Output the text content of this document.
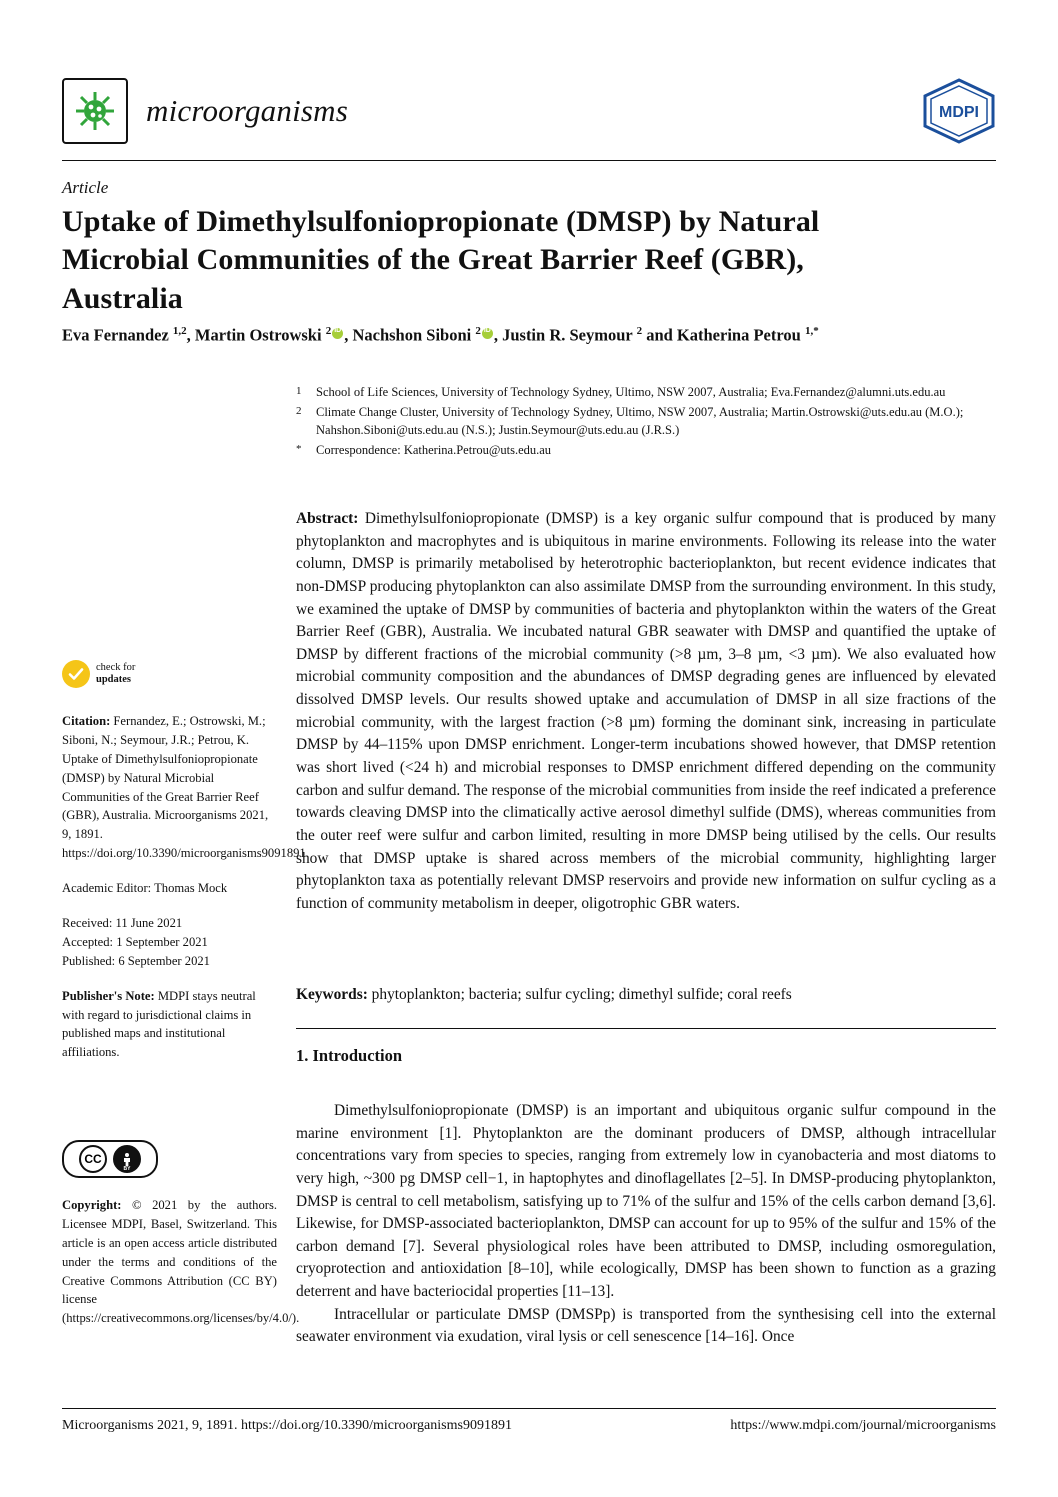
microorganisms	MDPI
Article
Uptake of Dimethylsulfoniopropionate (DMSP) by Natural Microbial Communities of the Great Barrier Reef (GBR), Australia
Eva Fernandez $^{1,2}$, Martin Ostrowski $^2$ iD , Nachshon Siboni $^2$ iD , Justin R. Seymour $^2$ and Katherina Petrou $^{1,*}$
1	School of Life Sciences, University of Technology Sydney, Ultimo, NSW 2007, Australia; Eva.Fernandez@alumni.uts.edu.au
2	Climate Change Cluster, University of Technology Sydney, Ultimo, NSW 2007, Australia; Martin.Ostrowski@uts.edu.au (M.O.); Nahshon.Siboni@uts.edu.au (N.S.); Justin.Seymour@uts.edu.au (J.R.S.)
*	Correspondence: Katherina.Petrou@uts.edu.au
Abstract: Dimethylsulfoniopropionate (DMSP) is a key organic sulfur compound that is produced by many phytoplankton and macrophytes and is ubiquitous in marine environments. Following its release into the water column, DMSP is primarily metabolised by heterotrophic bacterioplankton, but recent evidence indicates that non-DMSP producing phytoplankton can also assimilate DMSP from the surrounding environment. In this study, we examined the uptake of DMSP by communities of bacteria and phytoplankton within the waters of the Great Barrier Reef (GBR), Australia. We incubated natural GBR seawater with DMSP and quantified the uptake of DMSP by different fractions of the microbial community (>8 µm, 3–8 µm, <3 µm). We also evaluated how microbial community composition and the abundances of DMSP degrading genes are influenced by elevated dissolved DMSP levels. Our results showed uptake and accumulation of DMSP in all size fractions of the microbial community, with the largest fraction (>8 µm) forming the dominant sink, increasing in particulate DMSP by 44–115% upon DMSP enrichment. Longer-term incubations showed however, that DMSP retention was short lived (<24 h) and microbial responses to DMSP enrichment differed depending on the community carbon and sulfur demand. The response of the microbial communities from inside the reef indicated a preference towards cleaving DMSP into the climatically active aerosol dimethyl sulfide (DMS), whereas communities from the outer reef were sulfur and carbon limited, resulting in more DMSP being utilised by the cells. Our results show that DMSP uptake is shared across members of the microbial community, highlighting larger phytoplankton taxa as potentially relevant DMSP reservoirs and provide new information on sulfur cycling as a function of community metabolism in deeper, oligotrophic GBR waters.
Keywords: phytoplankton; bacteria; sulfur cycling; dimethyl sulfide; coral reefs
1. Introduction

Dimethylsulfoniopropionate (DMSP) is an important and ubiquitous organic sulfur compound in the marine environment [1]. Phytoplankton are the dominant producers of DMSP, although intracellular concentrations vary from species to species, ranging from extremely low in cyanobacteria and most diatoms to very high, ~300 pg DMSP cell−1, in haptophytes and dinoflagellates [2–5]. In DMSP-producing phytoplankton, DMSP is central to cell metabolism, satisfying up to 71% of the sulfur and 15% of the cells carbon demand [3,6]. Likewise, for DMSP-associated bacterioplankton, DMSP can account for up to 95% of the sulfur and 15% of the carbon demand [7]. Several physiological roles have been attributed to DMSP, including osmoregulation, cryoprotection and antioxidation [8–10], while ecologically, DMSP has been shown to function as a grazing deterrent and have bacteriocidal properties [11–13].

Intracellular or particulate DMSP (DMSPp) is transported from the synthesising cell into the external seawater environment via exudation, viral lysis or cell senescence [14–16]. Once

check for
updates
Citation: Fernandez, E.; Ostrowski, M.; Siboni, N.; Seymour, J.R.; Petrou, K. Uptake of Dimethylsulfoniopropionate (DMSP) by Natural Microbial Communities of the Great Barrier Reef (GBR), Australia. Microorganisms 2021, 9, 1891. https://doi.org/10.3390/microorganisms9091891
Academic Editor: Thomas Mock
Received: 11 June 2021
Accepted: 1 September 2021
Published: 6 September 2021
Publisher's Note: MDPI stays neutral with regard to jurisdictional claims in published maps and institutional affiliations.
CC
BY
Copyright: © 2021 by the authors. Licensee MDPI, Basel, Switzerland. This article is an open access article distributed under the terms and conditions of the Creative Commons Attribution (CC BY) license (https://creativecommons.org/licenses/by/4.0/).
Microorganisms 2021, 9, 1891. https://doi.org/10.3390/microorganisms9091891	https://www.mdpi.com/journal/microorganisms
